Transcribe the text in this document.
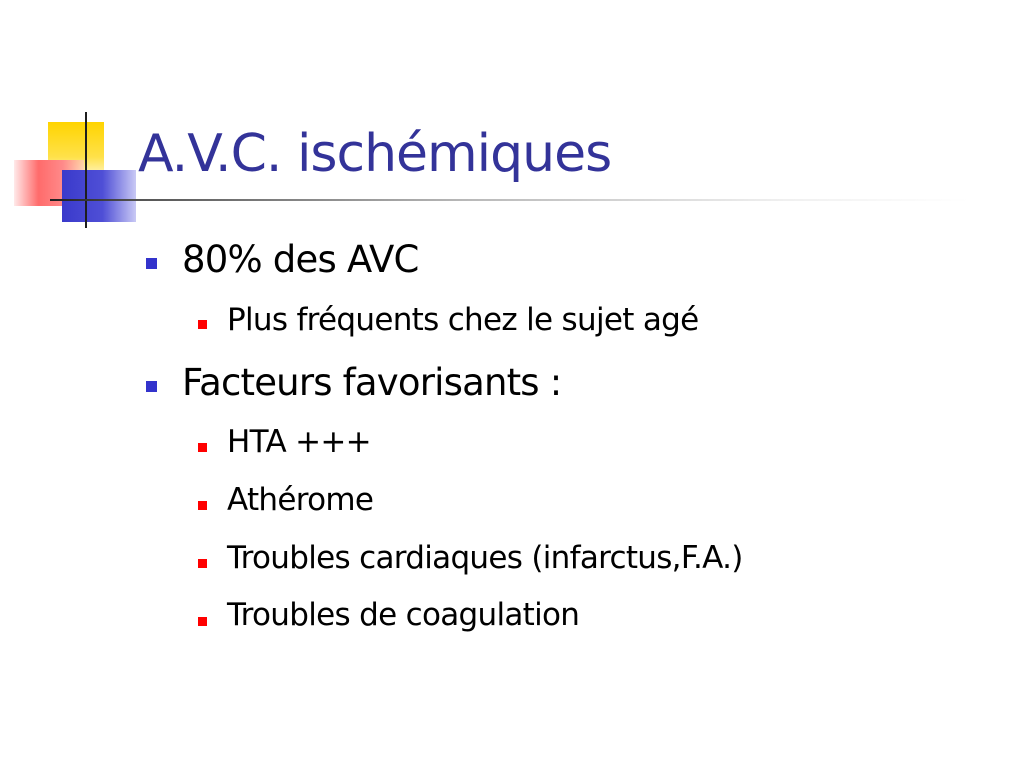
A.V.C. ischémiques
80% des AVC
Plus fréquents chez le sujet agé
Facteurs favorisants :
HTA +++
Athérome
Troubles cardiaques (infarctus,F.A.)
Troubles de coagulation
